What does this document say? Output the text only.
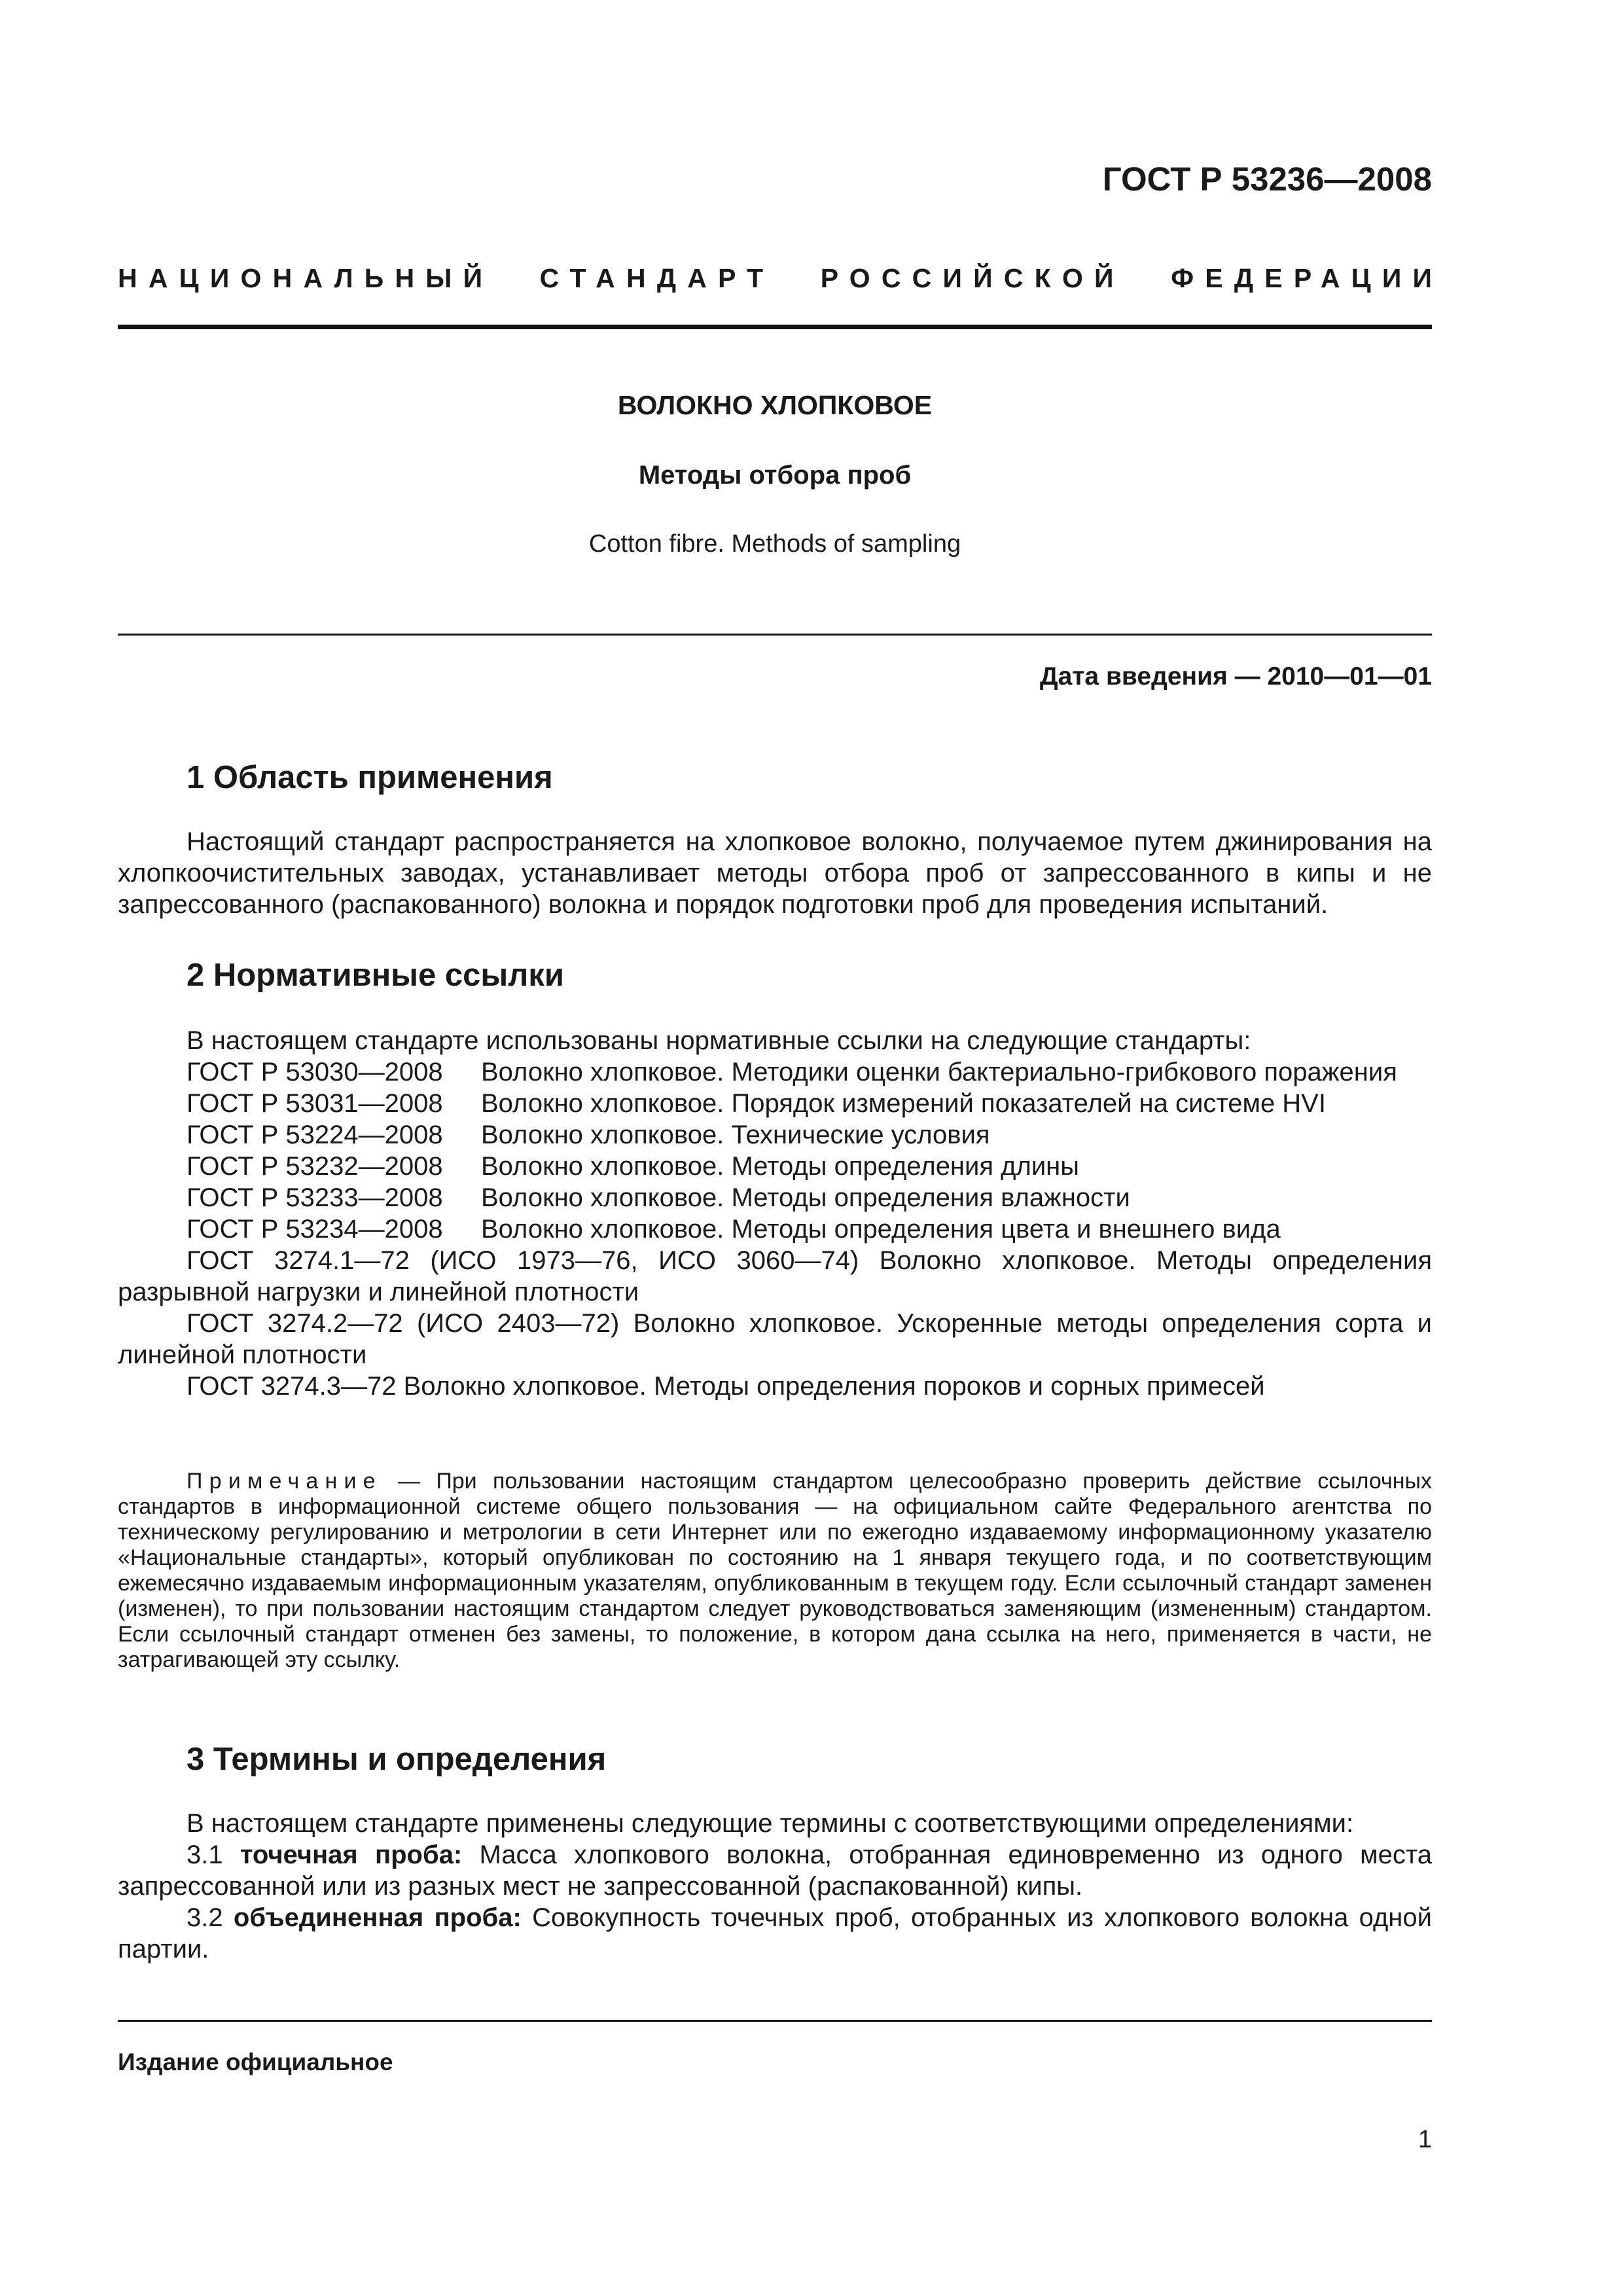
ГОСТ Р 53236—2008
НАЦИОНАЛЬНЫЙ СТАНДАРТ РОССИЙСКОЙ ФЕДЕРАЦИИ
ВОЛОКНО ХЛОПКОВОЕ
Методы отбора проб
Cotton fibre. Methods of sampling
Дата введения — 2010—01—01
1 Область применения

Настоящий стандарт распространяется на хлопковое волокно, получаемое путем джинирования на хлопкоочистительных заводах, устанавливает методы отбора проб от запрессованного в кипы и не запрессованного (распакованного) волокна и порядок подготовки проб для проведения испытаний.

2 Нормативные ссылки

В настоящем стандарте использованы нормативные ссылки на следующие стандарты:

ГОСТ Р 53030—2008 Волокно хлопковое. Методики оценки бактериально-грибкового поражения

ГОСТ Р 53031—2008 Волокно хлопковое. Порядок измерений показателей на системе HVI

ГОСТ Р 53224—2008 Волокно хлопковое. Технические условия

ГОСТ Р 53232—2008 Волокно хлопковое. Методы определения длины

ГОСТ Р 53233—2008 Волокно хлопковое. Методы определения влажности

ГОСТ Р 53234—2008 Волокно хлопковое. Методы определения цвета и внешнего вида

ГОСТ 3274.1—72 (ИСО 1973—76, ИСО 3060—74) Волокно хлопковое. Методы определения разрывной нагрузки и линейной плотности

ГОСТ 3274.2—72 (ИСО 2403—72) Волокно хлопковое. Ускоренные методы определения сорта и линейной плотности

ГОСТ 3274.3—72 Волокно хлопковое. Методы определения пороков и сорных примесей

Примечание — При пользовании настоящим стандартом целесообразно проверить действие ссылочных стандартов в информационной системе общего пользования — на официальном сайте Федерального агентства по техническому регулированию и метрологии в сети Интернет или по ежегодно издаваемому информационному указателю «Национальные стандарты», который опубликован по состоянию на 1 января текущего года, и по соответствующим ежемесячно издаваемым информационным указателям, опубликованным в текущем году. Если ссылочный стандарт заменен (изменен), то при пользовании настоящим стандартом следует руководствоваться заменяющим (измененным) стандартом. Если ссылочный стандарт отменен без замены, то положение, в котором дана ссылка на него, применяется в части, не затрагивающей эту ссылку.

3 Термины и определения

В настоящем стандарте применены следующие термины с соответствующими определениями:

3.1 точечная проба: Масса хлопкового волокна, отобранная единовременно из одного места запрессованной или из разных мест не запрессованной (распакованной) кипы.

3.2 объединенная проба: Совокупность точечных проб, отобранных из хлопкового волокна одной партии.

Издание официальное
1
